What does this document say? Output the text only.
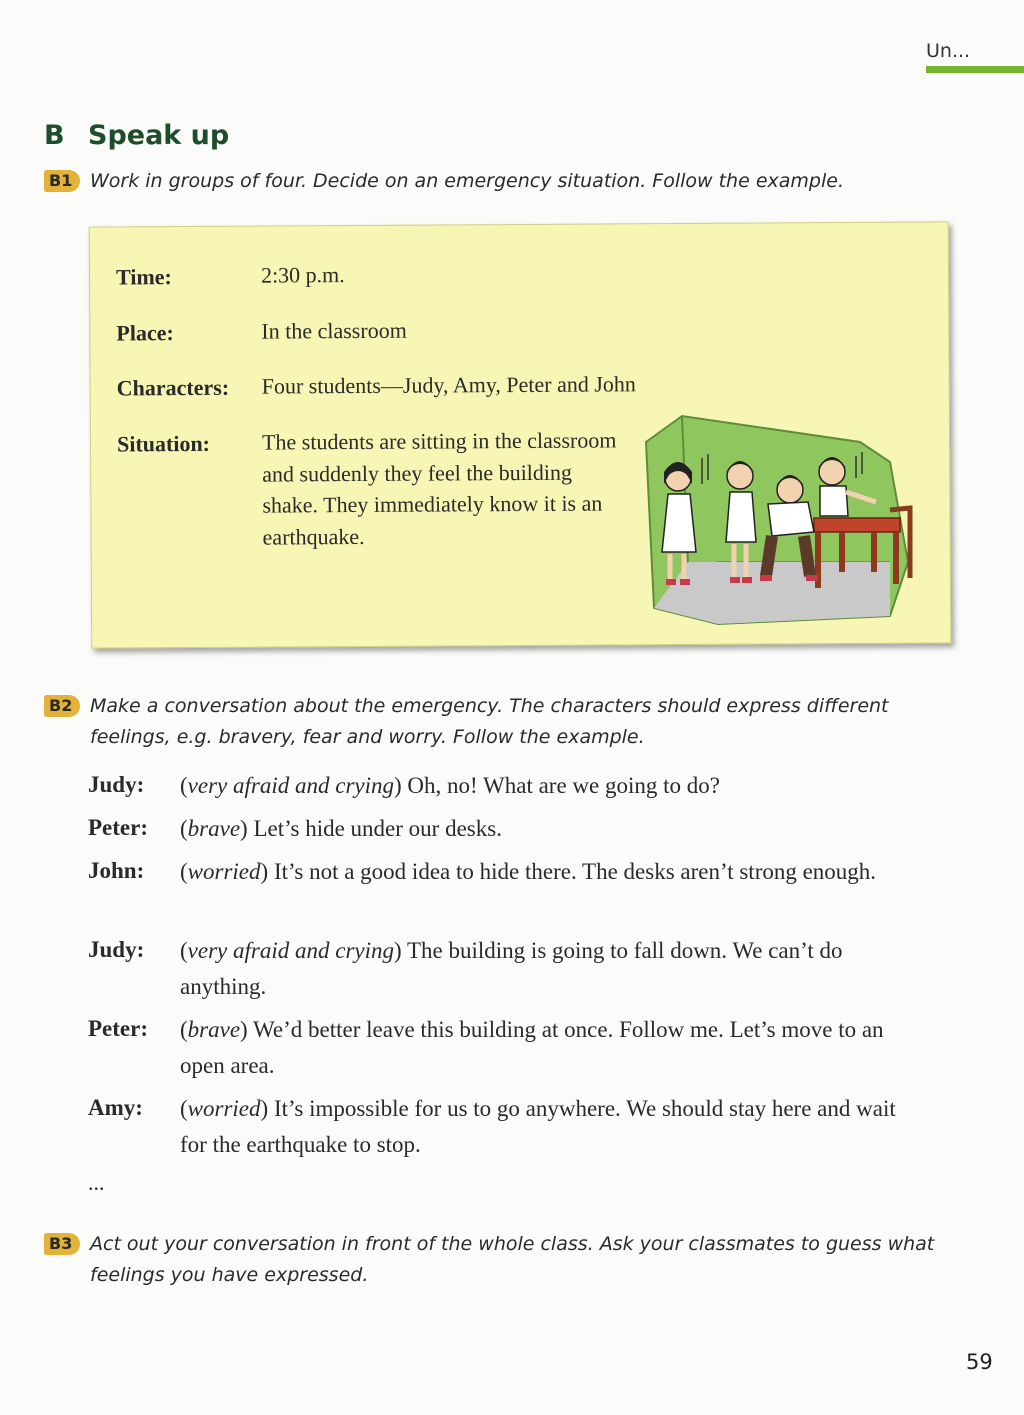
Un...
B Speak up
B1 Work in groups of four. Decide on an emergency situation. Follow the example.
Time:	2:30 p.m.
Place:	In the classroom
Characters: Four students—Judy, Amy, Peter and John
Situation: The students are sitting in the classroom and suddenly they feel the building shake. They immediately know it is an earthquake.
B2 Make a conversation about the emergency. The characters should express different feelings, e.g. bravery, fear and worry. Follow the example.
Judy: (very afraid and crying) Oh, no! What are we going to do?
Peter: (brave) Let’s hide under our desks.
John: (worried) It’s not a good idea to hide there. The desks aren’t strong enough.
Judy: (very afraid and crying) The building is going to fall down. We can’t do anything.
Peter: (brave) We’d better leave this building at once. Follow me. Let’s move to an open area.
Amy: (worried) It’s impossible for us to go anywhere. We should stay here and wait for the earthquake to stop.
...
B3 Act out your conversation in front of the whole class. Ask your classmates to guess what feelings you have expressed.
59
